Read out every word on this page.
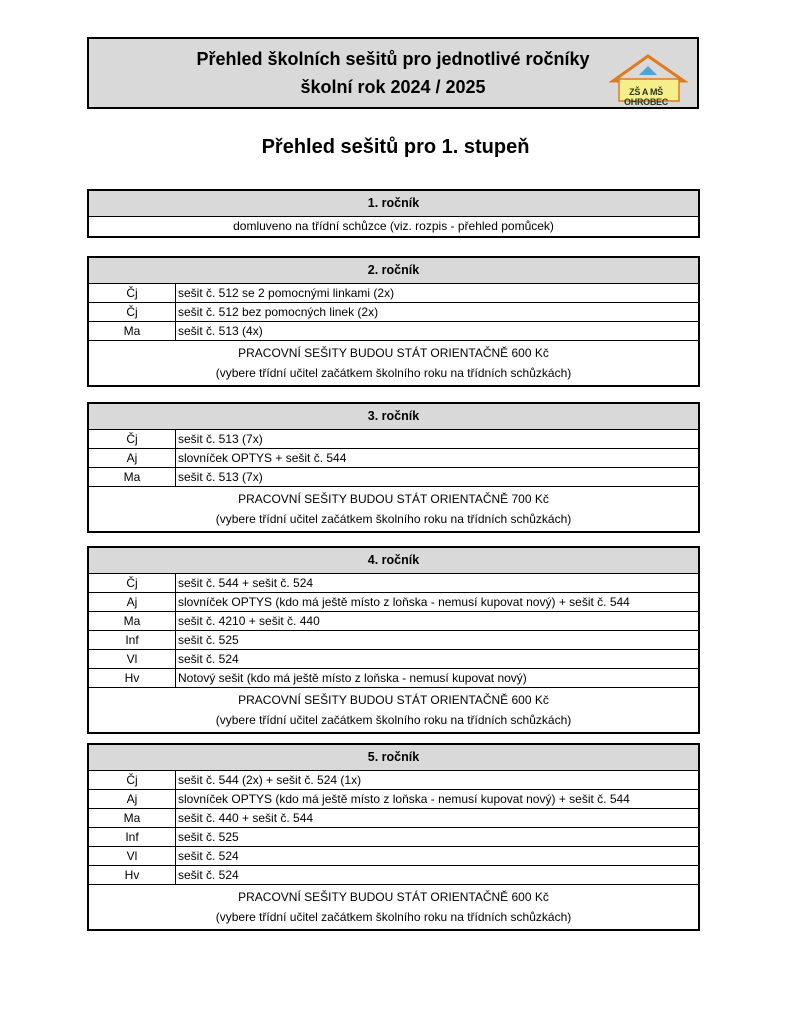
Přehled školních sešitů pro jednotlivé ročníky
školní rok 2024 / 2025	ZŠ A MŠ OHROBEC
Přehled sešitů pro 1. stupeň
1. ročník
domluveno na třídní schůzce (viz. rozpis - přehled pomůcek)
2. ročník
Čj	sešit č. 512 se 2 pomocnými linkami (2x)
Čj	sešit č. 512 bez pomocných linek (2x)
Ma	sešit č. 513 (4x)
PRACOVNÍ SEŠITY BUDOU STÁT ORIENTAČNĚ 600 Kč
(vybere třídní učitel začátkem školního roku na třídních schůzkách)
3. ročník
Čj	sešit č. 513 (7x)
Aj	slovníček OPTYS + sešit č. 544
Ma	sešit č. 513 (7x)
PRACOVNÍ SEŠITY BUDOU STÁT ORIENTAČNĚ 700 Kč
(vybere třídní učitel začátkem školního roku na třídních schůzkách)
4. ročník
Čj	sešit č. 544 + sešit č. 524
Aj	slovníček OPTYS (kdo má ještě místo z loňska - nemusí kupovat nový) + sešit č. 544
Ma	sešit č. 4210 + sešit č. 440
Inf	sešit č. 525
Vl	sešit č. 524
Hv	Notový sešit (kdo má ještě místo z loňska - nemusí kupovat nový)
PRACOVNÍ SEŠITY BUDOU STÁT ORIENTAČNĚ 600 Kč
(vybere třídní učitel začátkem školního roku na třídních schůzkách)
5. ročník
Čj	sešit č. 544 (2x) + sešit č. 524 (1x)
Aj	slovníček OPTYS (kdo má ještě místo z loňska - nemusí kupovat nový) + sešit č. 544
Ma	sešit č. 440 + sešit č. 544
Inf	sešit č. 525
Vl	sešit č. 524
Hv	sešit č. 524
PRACOVNÍ SEŠITY BUDOU STÁT ORIENTAČNĚ 600 Kč
(vybere třídní učitel začátkem školního roku na třídních schůzkách)
